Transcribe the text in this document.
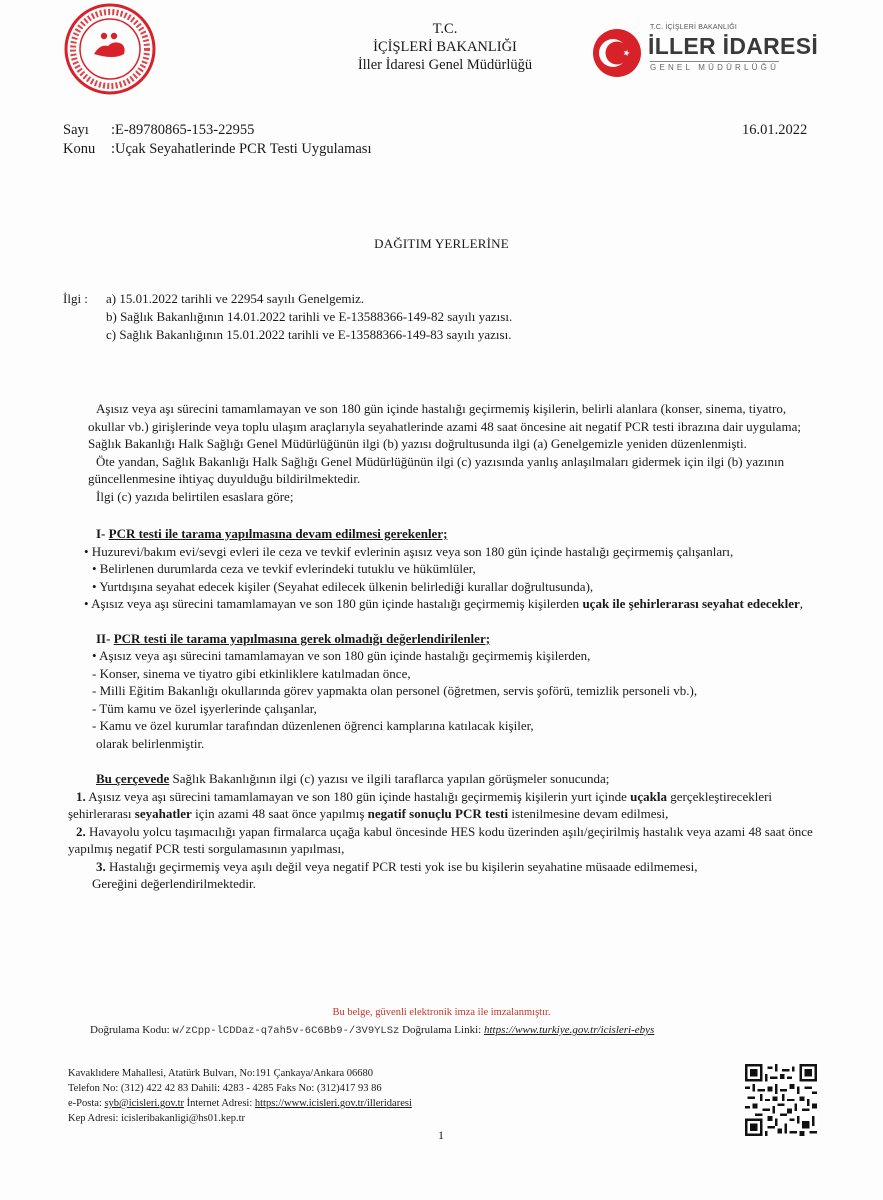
T.C.
İÇİŞLERİ BAKANLIĞI
İller İdaresi Genel Müdürlüğü
T.C. İÇİŞLERİ BAKANLIĞI
İLLER İDARESİ
GENEL MÜDÜRLÜĞÜ
Sayı :E-89780865-153-22955
Konu :Uçak Seyahatlerinde PCR Testi Uygulaması
16.01.2022
DAĞITIM YERLERİNE
İlgi : a) 15.01.2022 tarihli ve 22954 sayılı Genelgemiz.
b) Sağlık Bakanlığının 14.01.2022 tarihli ve E-13588366-149-82 sayılı yazısı.
c) Sağlık Bakanlığının 15.01.2022 tarihli ve E-13588366-149-83 sayılı yazısı.

Aşısız veya aşı sürecini tamamlamayan ve son 180 gün içinde hastalığı geçirmemiş kişilerin, belirli alanlara (konser, sinema, tiyatro, okullar vb.) girişlerinde veya toplu ulaşım araçlarıyla seyahatlerinde azami 48 saat öncesine ait negatif PCR testi ibrazına dair uygulama; Sağlık Bakanlığı Halk Sağlığı Genel Müdürlüğünün ilgi (b) yazısı doğrultusunda ilgi (a) Genelgemizle yeniden düzenlenmişti.

Öte yandan, Sağlık Bakanlığı Halk Sağlığı Genel Müdürlüğünün ilgi (c) yazısında yanlış anlaşılmaları gidermek için ilgi (b) yazının güncellenmesine ihtiyaç duyulduğu bildirilmektedir.

İlgi (c) yazıda belirtilen esaslara göre;

I- PCR testi ile tarama yapılmasına devam edilmesi gerekenler;

• Huzurevi/bakım evi/sevgi evleri ile ceza ve tevkif evlerinin aşısız veya son 180 gün içinde hastalığı geçirmemiş çalışanları,

• Belirlenen durumlarda ceza ve tevkif evlerindeki tutuklu ve hükümlüler,

• Yurtdışına seyahat edecek kişiler (Seyahat edilecek ülkenin belirlediği kurallar doğrultusunda),

• Aşısız veya aşı sürecini tamamlamayan ve son 180 gün içinde hastalığı geçirmemiş kişilerden uçak ile şehirlerarası seyahat edecekler,

II- PCR testi ile tarama yapılmasına gerek olmadığı değerlendirilenler;

• Aşısız veya aşı sürecini tamamlamayan ve son 180 gün içinde hastalığı geçirmemiş kişilerden,

- Konser, sinema ve tiyatro gibi etkinliklere katılmadan önce,

- Milli Eğitim Bakanlığı okullarında görev yapmakta olan personel (öğretmen, servis şoförü, temizlik personeli vb.),

- Tüm kamu ve özel işyerlerinde çalışanlar,

- Kamu ve özel kurumlar tarafından düzenlenen öğrenci kamplarına katılacak kişiler,

olarak belirlenmiştir.

Bu çerçevede Sağlık Bakanlığının ilgi (c) yazısı ve ilgili taraflarca yapılan görüşmeler sonucunda;

1. Aşısız veya aşı sürecini tamamlamayan ve son 180 gün içinde hastalığı geçirmemiş kişilerin yurt içinde uçakla gerçekleştirecekleri şehirlerarası seyahatler için azami 48 saat önce yapılmış negatif sonuçlu PCR testi istenilmesine devam edilmesi,

2. Havayolu yolcu taşımacılığı yapan firmalarca uçağa kabul öncesinde HES kodu üzerinden aşılı/geçirilmiş hastalık veya azami 48 saat önce yapılmış negatif PCR testi sorgulamasının yapılması,

3. Hastalığı geçirmemiş veya aşılı değil veya negatif PCR testi yok ise bu kişilerin seyahatine müsaade edilmemesi,

Gereğini değerlendirilmektedir.

Bu belge, güvenli elektronik imza ile imzalanmıştır.
Doğrulama Kodu: w/zCpp-lCDDaz-q7ah5v-6C6Bb9-/3V9YLSz Doğrulama Linki: https://www.turkiye.gov.tr/icisleri-ebys
Kavaklıdere Mahallesi, Atatürk Bulvarı, No:191 Çankaya/Ankara 06680
Telefon No: (312) 422 42 83 Dahili: 4283 - 4285 Faks No: (312)417 93 86
e-Posta: syb@icisleri.gov.tr İnternet Adresi: https://www.icisleri.gov.tr/illeridaresi
Kep Adresi: icisleribakanligi@hs01.kep.tr
1
